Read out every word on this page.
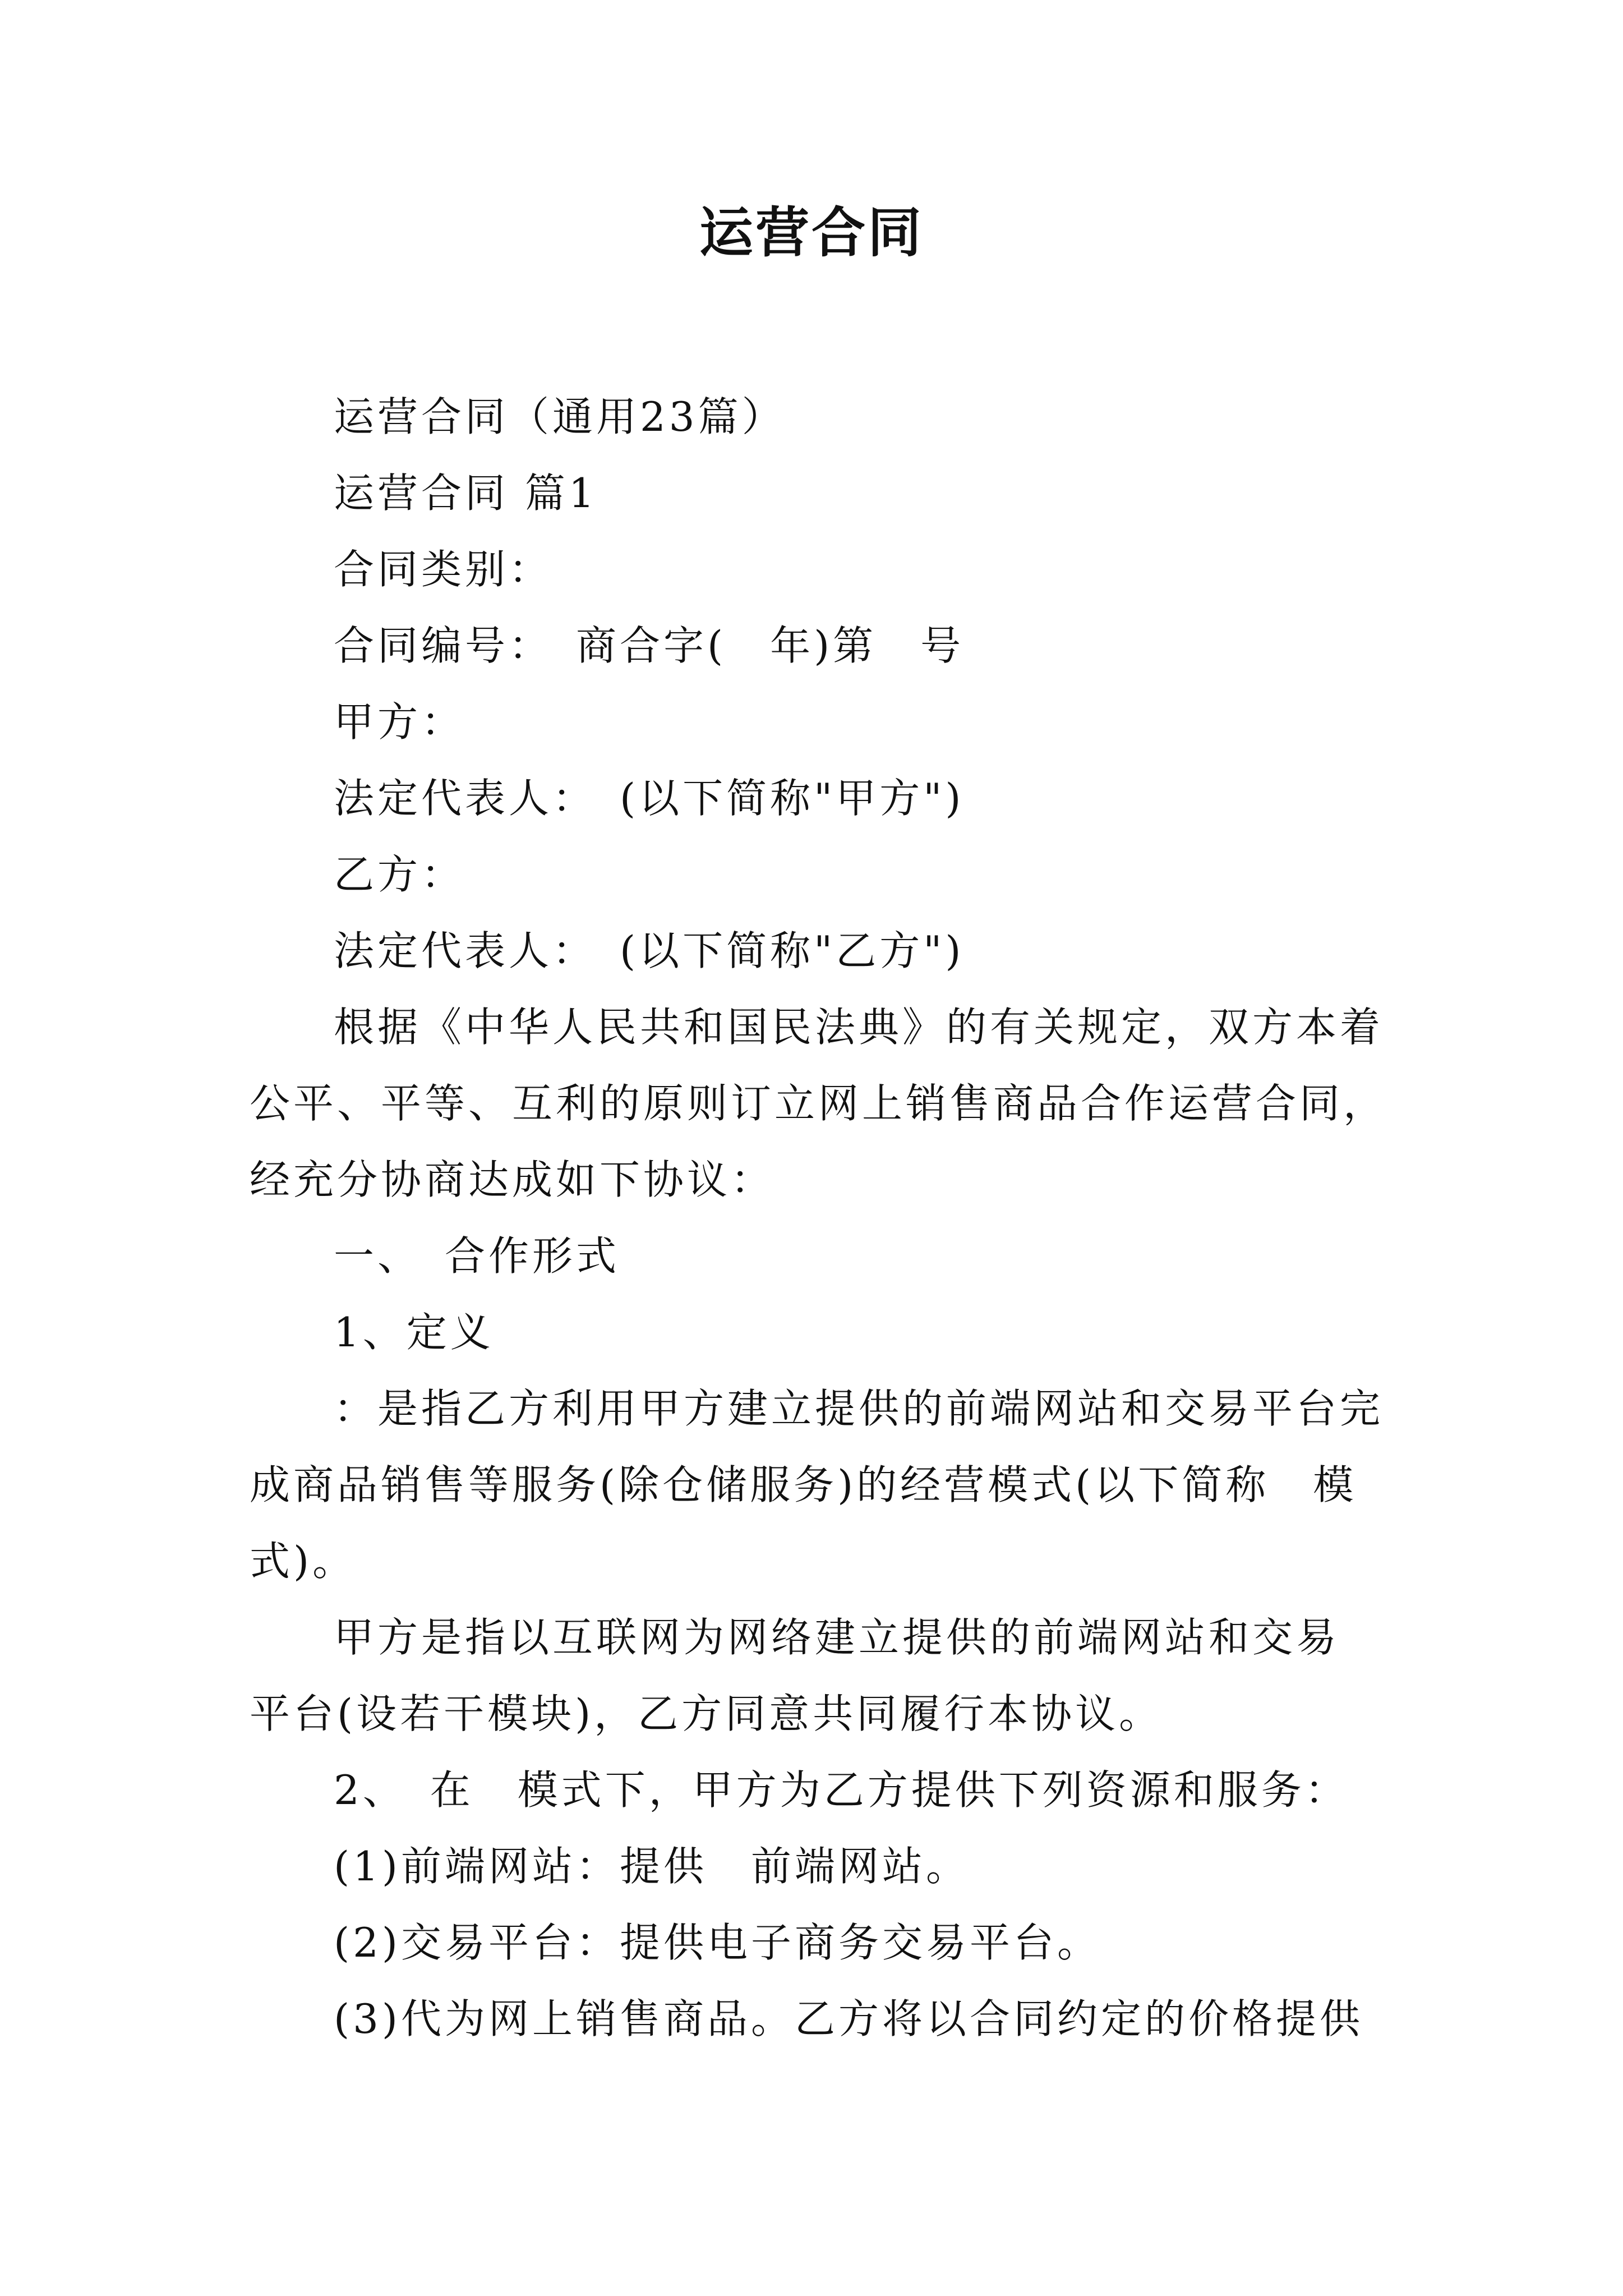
运营合同
运营合同（通用23篇）
运营合同 篇1
合同类别：
合同编号：　商合字(　年)第　号
甲方：
法定代表人：　(以下简称"甲方")
乙方：
法定代表人：　(以下简称"乙方")
根据《中华人民共和国民法典》的有关规定，双方本着
公平、平等、互利的原则订立网上销售商品合作运营合同，
经充分协商达成如下协议：
一、　合作形式
1、定义
：是指乙方利用甲方建立提供的前端网站和交易平台完
成商品销售等服务(除仓储服务)的经营模式(以下简称　模
式)。
甲方是指以互联网为网络建立提供的前端网站和交易
平台(设若干模块)，乙方同意共同履行本协议。
2、　在　模式下，甲方为乙方提供下列资源和服务：
(1)前端网站：提供　前端网站。
(2)交易平台：提供电子商务交易平台。
(3)代为网上销售商品。乙方将以合同约定的价格提供
